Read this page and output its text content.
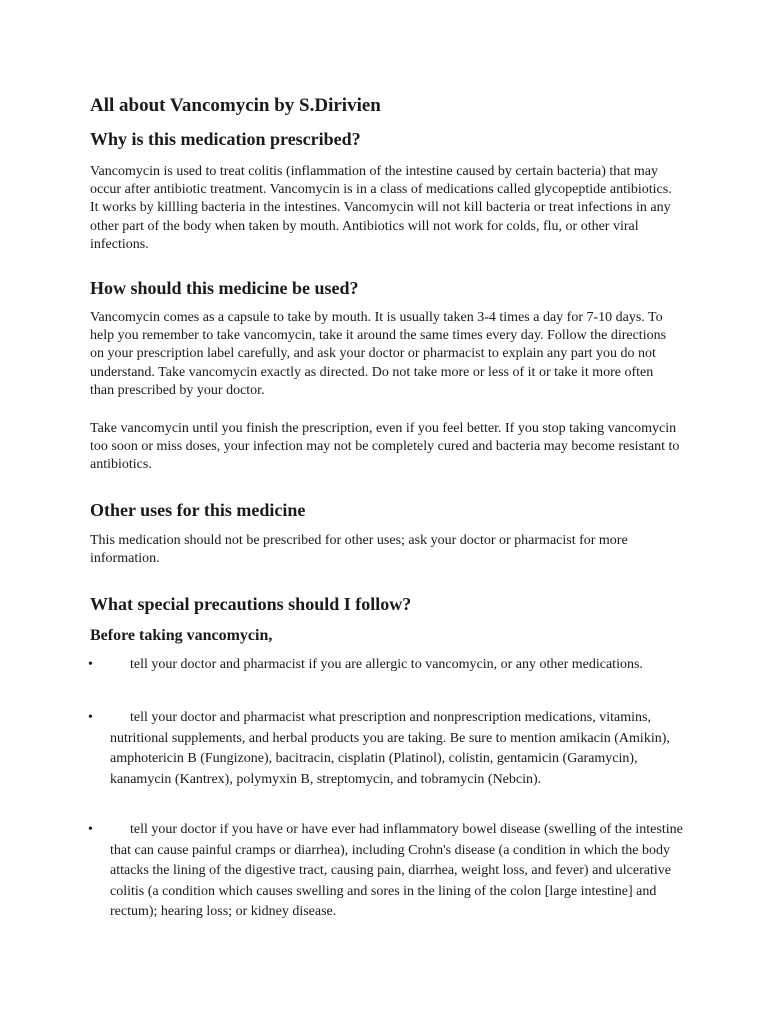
All about Vancomycin by S.Dirivien
Why is this medication prescribed?

Vancomycin is used to treat colitis (inflammation of the intestine caused by certain bacteria) that may occur after antibiotic treatment. Vancomycin is in a class of medications called glycopeptide antibiotics. It works by killling bacteria in the intestines. Vancomycin will not kill bacteria or treat infections in any other part of the body when taken by mouth. Antibiotics will not work for colds, flu, or other viral infections.

How should this medicine be used?

Vancomycin comes as a capsule to take by mouth. It is usually taken 3-4 times a day for 7-10 days. To help you remember to take vancomycin, take it around the same times every day. Follow the directions on your prescription label carefully, and ask your doctor or pharmacist to explain any part you do not understand. Take vancomycin exactly as directed. Do not take more or less of it or take it more often than prescribed by your doctor.

Take vancomycin until you finish the prescription, even if you feel better. If you stop taking vancomycin too soon or miss doses, your infection may not be completely cured and bacteria may become resistant to antibiotics.

Other uses for this medicine

This medication should not be prescribed for other uses; ask your doctor or pharmacist for more information.

What special precautions should I follow?
Before taking vancomycin,
•	tell your doctor and pharmacist if you are allergic to vancomycin, or any other medications.
•	tell your doctor and pharmacist what prescription and nonprescription medications, vitamins, nutritional supplements, and herbal products you are taking. Be sure to mention amikacin (Amikin), amphotericin B (Fungizone), bacitracin, cisplatin (Platinol), colistin, gentamicin (Garamycin), kanamycin (Kantrex), polymyxin B, streptomycin, and tobramycin (Nebcin).
•	tell your doctor if you have or have ever had inflammatory bowel disease (swelling of the intestine that can cause painful cramps or diarrhea), including Crohn's disease (a condition in which the body attacks the lining of the digestive tract, causing pain, diarrhea, weight loss, and fever) and ulcerative colitis (a condition which causes swelling and sores in the lining of the colon [large intestine] and rectum); hearing loss; or kidney disease.
